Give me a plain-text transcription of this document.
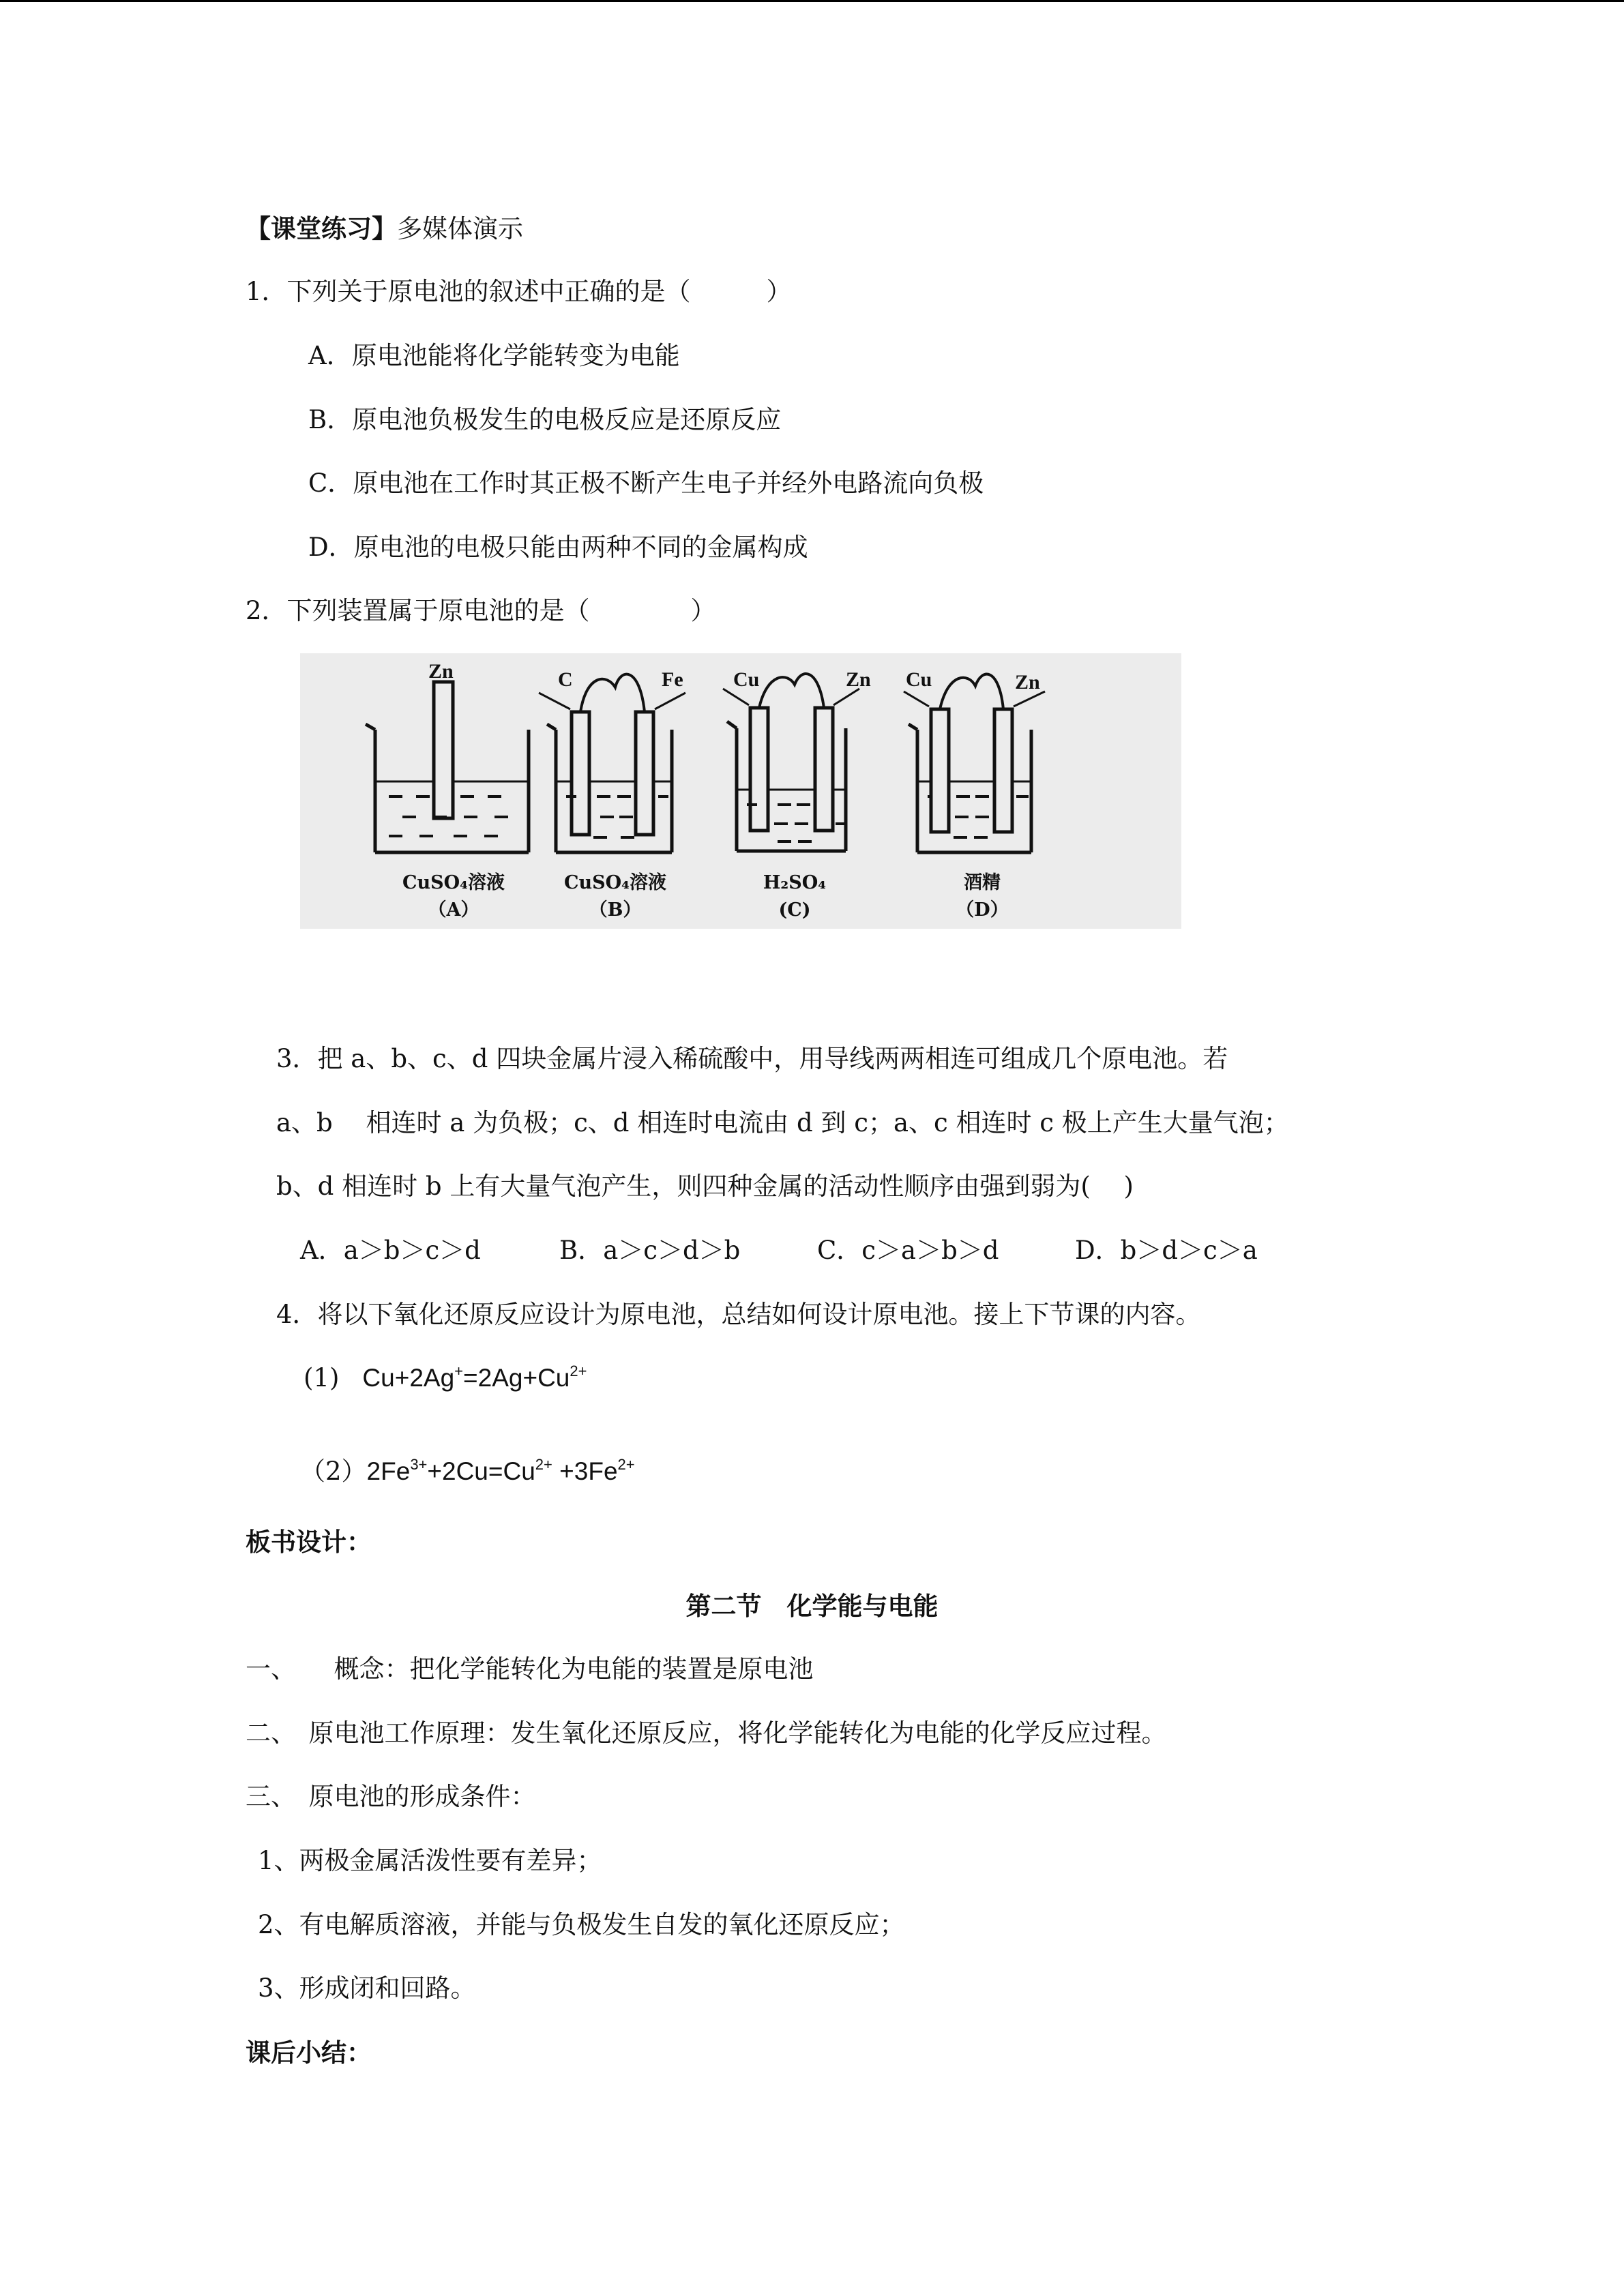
【课堂练习】多媒体演示
1．下列关于原电池的叙述中正确的是（　　　）
A．原电池能将化学能转变为电能
B．原电池负极发生的电极反应是还原反应
C．原电池在工作时其正极不断产生电子并经外电路流向负极
D．原电池的电极只能由两种不同的金属构成
2．下列装置属于原电池的是（　　　　）
Zn	C	Fe Cu	Zn Cu	Zn
CuSO₄溶液
（A）
CuSO₄溶液
（B）
H₂SO₄
(C)
酒精
（D）
3．把 a、b、c、d 四块金属片浸入稀硫酸中，用导线两两相连可组成几个原电池。若
a、b　 相连时 a 为负极；c、d 相连时电流由 d 到 c；a、c 相连时 c 极上产生大量气泡；
b、d 相连时 b 上有大量气泡产生，则四种金属的活动性顺序由强到弱为(　 )
A．a＞b＞c＞d	B．a＞c＞d＞b	C．c＞a＞b＞d	D．b＞d＞c＞a
4．将以下氧化还原反应设计为原电池，总结如何设计原电池。接上下节课的内容。
(1) $Cu+2Ag^+=2Ag+Cu^{2+}$
$(2)2Fe^{3+}+2Cu=Cu^{2+} +3Fe^{2+}$
板书设计：
第二节　化学能与电能
一、　　概念：把化学能转化为电能的装置是原电池
二、　原电池工作原理：发生氧化还原反应，将化学能转化为电能的化学反应过程。
三、　原电池的形成条件：
1、两极金属活泼性要有差异；
2、有电解质溶液，并能与负极发生自发的氧化还原反应；
3、形成闭和回路。
课后小结：
